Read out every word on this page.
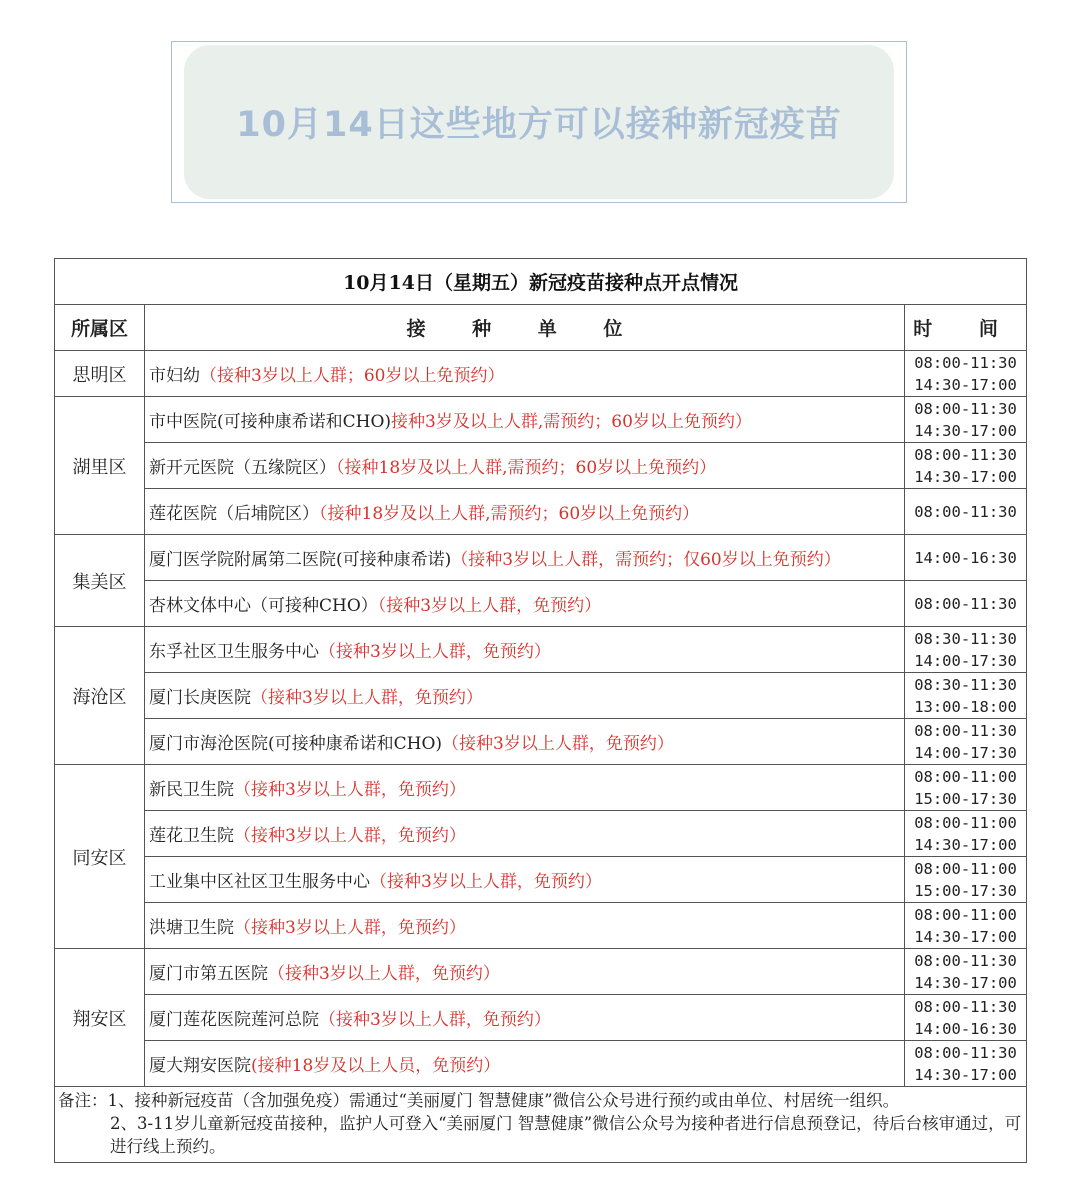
10月14日这些地方可以接种新冠疫苗
10月14日（星期五）新冠疫苗接种点开点情况		
所属区	接 种 单 位	时 间
思明区	市妇幼（接种3岁以上人群；60岁以上免预约）	08:00-11:30
14:30-17:00

湖里区	市中医院(可接种康希诺和CHO)接种3岁及以上人群,需预约；60岁以上免预约）	08:00-11:30
14:30-17:00

	新开元医院（五缘院区）（接种18岁及以上人群,需预约；60岁以上免预约）	08:00-11:30
14:30-17:00

	莲花医院（后埔院区）（接种18岁及以上人群,需预约；60岁以上免预约）	08:00-11:30

集美区	厦门医学院附属第二医院(可接种康希诺)（接种3岁以上人群，需预约；仅60岁以上免预约）	14:00-16:30

	杏林文体中心（可接种CHO）（接种3岁以上人群，免预约）	08:00-11:30

海沧区	东孚社区卫生服务中心（接种3岁以上人群，免预约）	08:30-11:30
14:00-17:30

	厦门长庚医院（接种3岁以上人群，免预约）	08:30-11:30
13:00-18:00

	厦门市海沧医院(可接种康希诺和CHO)（接种3岁以上人群，免预约）	08:00-11:30
14:00-17:30

同安区	新民卫生院（接种3岁以上人群，免预约）	08:00-11:00
15:00-17:30

	莲花卫生院（接种3岁以上人群，免预约）	08:00-11:00
14:30-17:00

	工业集中区社区卫生服务中心（接种3岁以上人群，免预约）	08:00-11:00
15:00-17:30

	洪塘卫生院（接种3岁以上人群，免预约）	08:00-11:00
14:30-17:00

翔安区	厦门市第五医院（接种3岁以上人群，免预约）	08:00-11:30
14:30-17:00

	厦门莲花医院莲河总院（接种3岁以上人群，免预约）	08:00-11:30
14:00-16:30

	厦大翔安医院(接种18岁及以上人员，免预约）	08:00-11:30
14:30-17:00

备注：1、接种新冠疫苗（含加强免疫）需通过“美丽厦门 智慧健康”微信公众号进行预约或由单位、村居统一组织。
2、3-11岁儿童新冠疫苗接种，监护人可登入“美丽厦门 智慧健康”微信公众号为接种者进行信息预登记，待后台核审通过，可进行线上预约。		
